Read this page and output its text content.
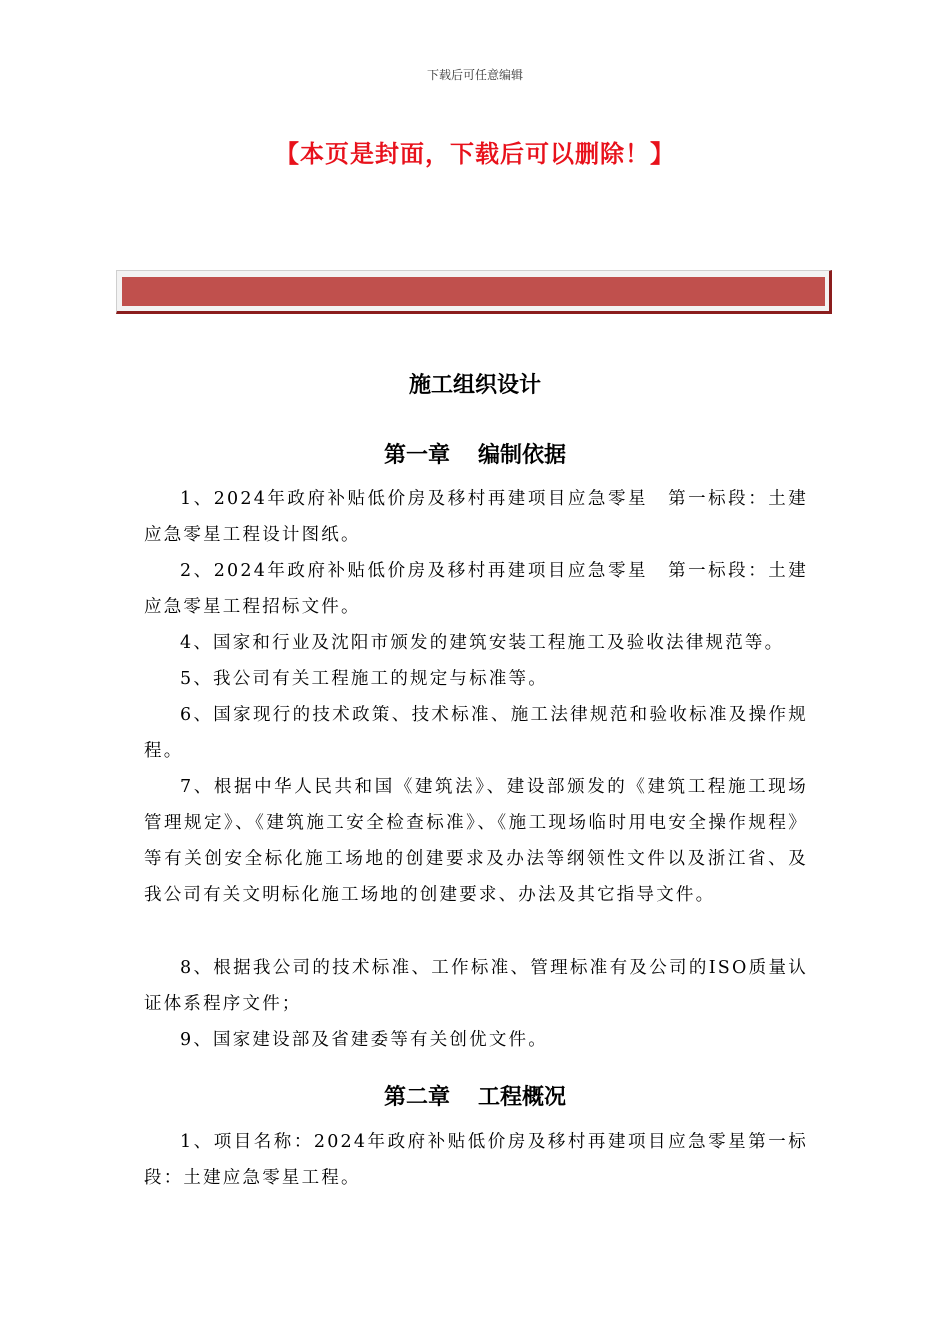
下载后可任意编辑
【本页是封面，下载后可以删除！】
施工组织设计
第一章 编制依据

1、2024年政府补贴低价房及移村再建项目应急零星　第一标段：土建应急零星工程设计图纸。

2、2024年政府补贴低价房及移村再建项目应急零星　第一标段：土建应急零星工程招标文件。

4、国家和行业及沈阳市颁发的建筑安装工程施工及验收法律规范等。

5、我公司有关工程施工的规定与标准等。

6、国家现行的技术政策、技术标准、施工法律规范和验收标准及操作规程。

7、根据中华人民共和国《建筑法》、建设部颁发的《建筑工程施工现场管理规定》、《建筑施工安全检查标准》、《施工现场临时用电安全操作规程》等有关创安全标化施工场地的创建要求及办法等纲领性文件以及浙江省、及我公司有关文明标化施工场地的创建要求、办法及其它指导文件。

8、根据我公司的技术标准、工作标准、管理标准有及公司的ISO质量认证体系程序文件；

9、国家建设部及省建委等有关创优文件。

第二章 工程概况

1、项目名称：2024年政府补贴低价房及移村再建项目应急零星第一标段：土建应急零星工程。
